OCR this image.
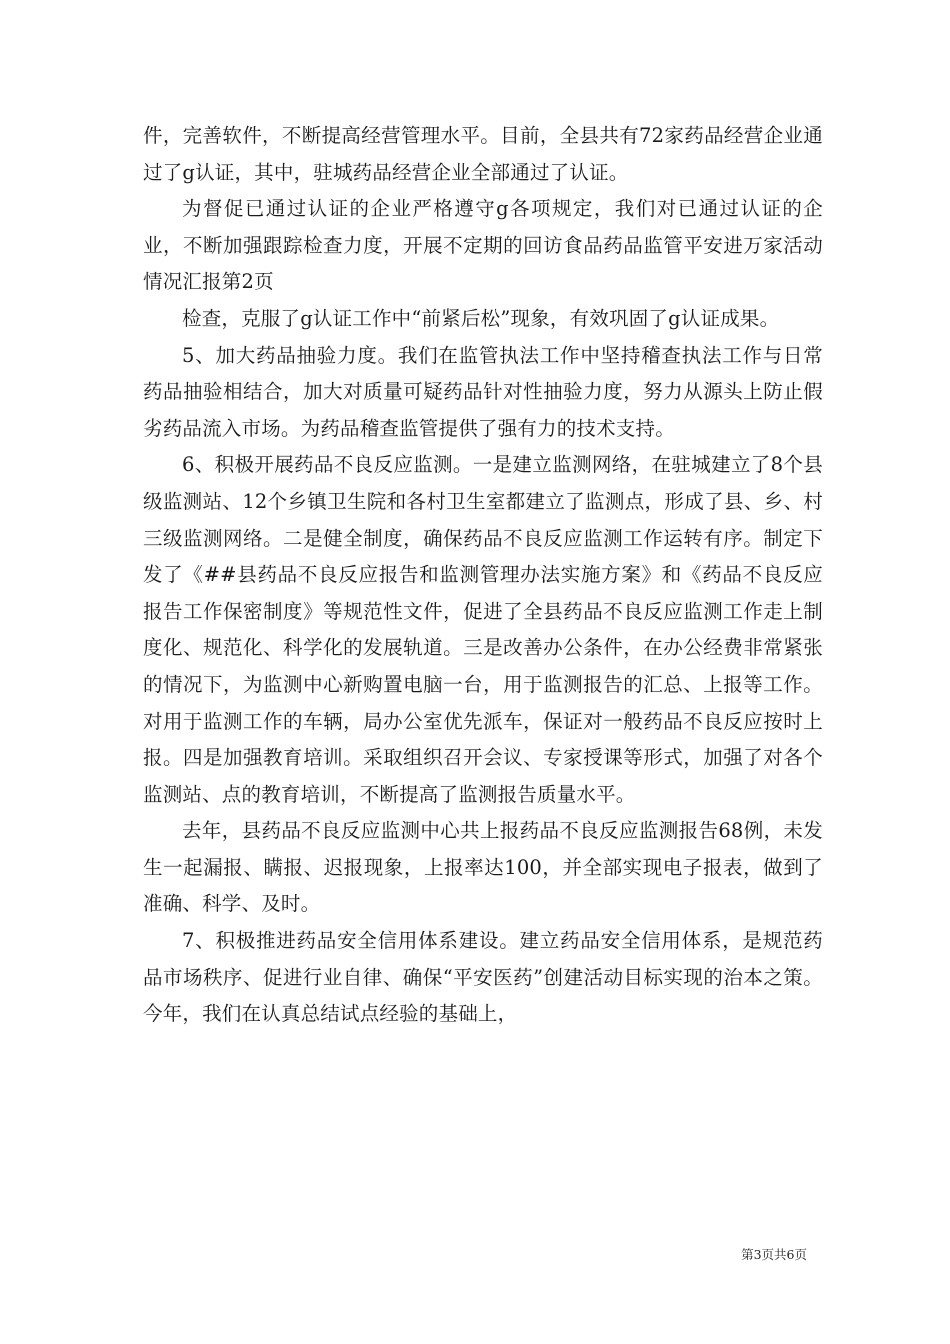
件，完善软件，不断提高经营管理水平。目前，全县共有72家药品经营企业通过了g认证，其中，驻城药品经营企业全部通过了认证。

为督促已通过认证的企业严格遵守g各项规定，我们对已通过认证的企业，不断加强跟踪检查力度，开展不定期的回访食品药品监管平安进万家活动情况汇报第2页

检查，克服了g认证工作中“前紧后松”现象，有效巩固了g认证成果。

5、加大药品抽验力度。我们在监管执法工作中坚持稽查执法工作与日常药品抽验相结合，加大对质量可疑药品针对性抽验力度，努力从源头上防止假劣药品流入市场。为药品稽查监管提供了强有力的技术支持。

6、积极开展药品不良反应监测。一是建立监测网络，在驻城建立了8个县级监测站、12个乡镇卫生院和各村卫生室都建立了监测点，形成了县、乡、村三级监测网络。二是健全制度，确保药品不良反应监测工作运转有序。制定下发了《##县药品不良反应报告和监测管理办法实施方案》和《药品不良反应报告工作保密制度》等规范性文件，促进了全县药品不良反应监测工作走上制度化、规范化、科学化的发展轨道。三是改善办公条件，在办公经费非常紧张的情况下，为监测中心新购置电脑一台，用于监测报告的汇总、上报等工作。对用于监测工作的车辆，局办公室优先派车，保证对一般药品不良反应按时上报。四是加强教育培训。采取组织召开会议、专家授课等形式，加强了对各个监测站、点的教育培训，不断提高了监测报告质量水平。

去年，县药品不良反应监测中心共上报药品不良反应监测报告68例，未发生一起漏报、瞒报、迟报现象，上报率达100，并全部实现电子报表，做到了准确、科学、及时。

7、积极推进药品安全信用体系建设。建立药品安全信用体系，是规范药品市场秩序、促进行业自律、确保“平安医药”创建活动目标实现的治本之策。今年，我们在认真总结试点经验的基础上，

第3页共6页
